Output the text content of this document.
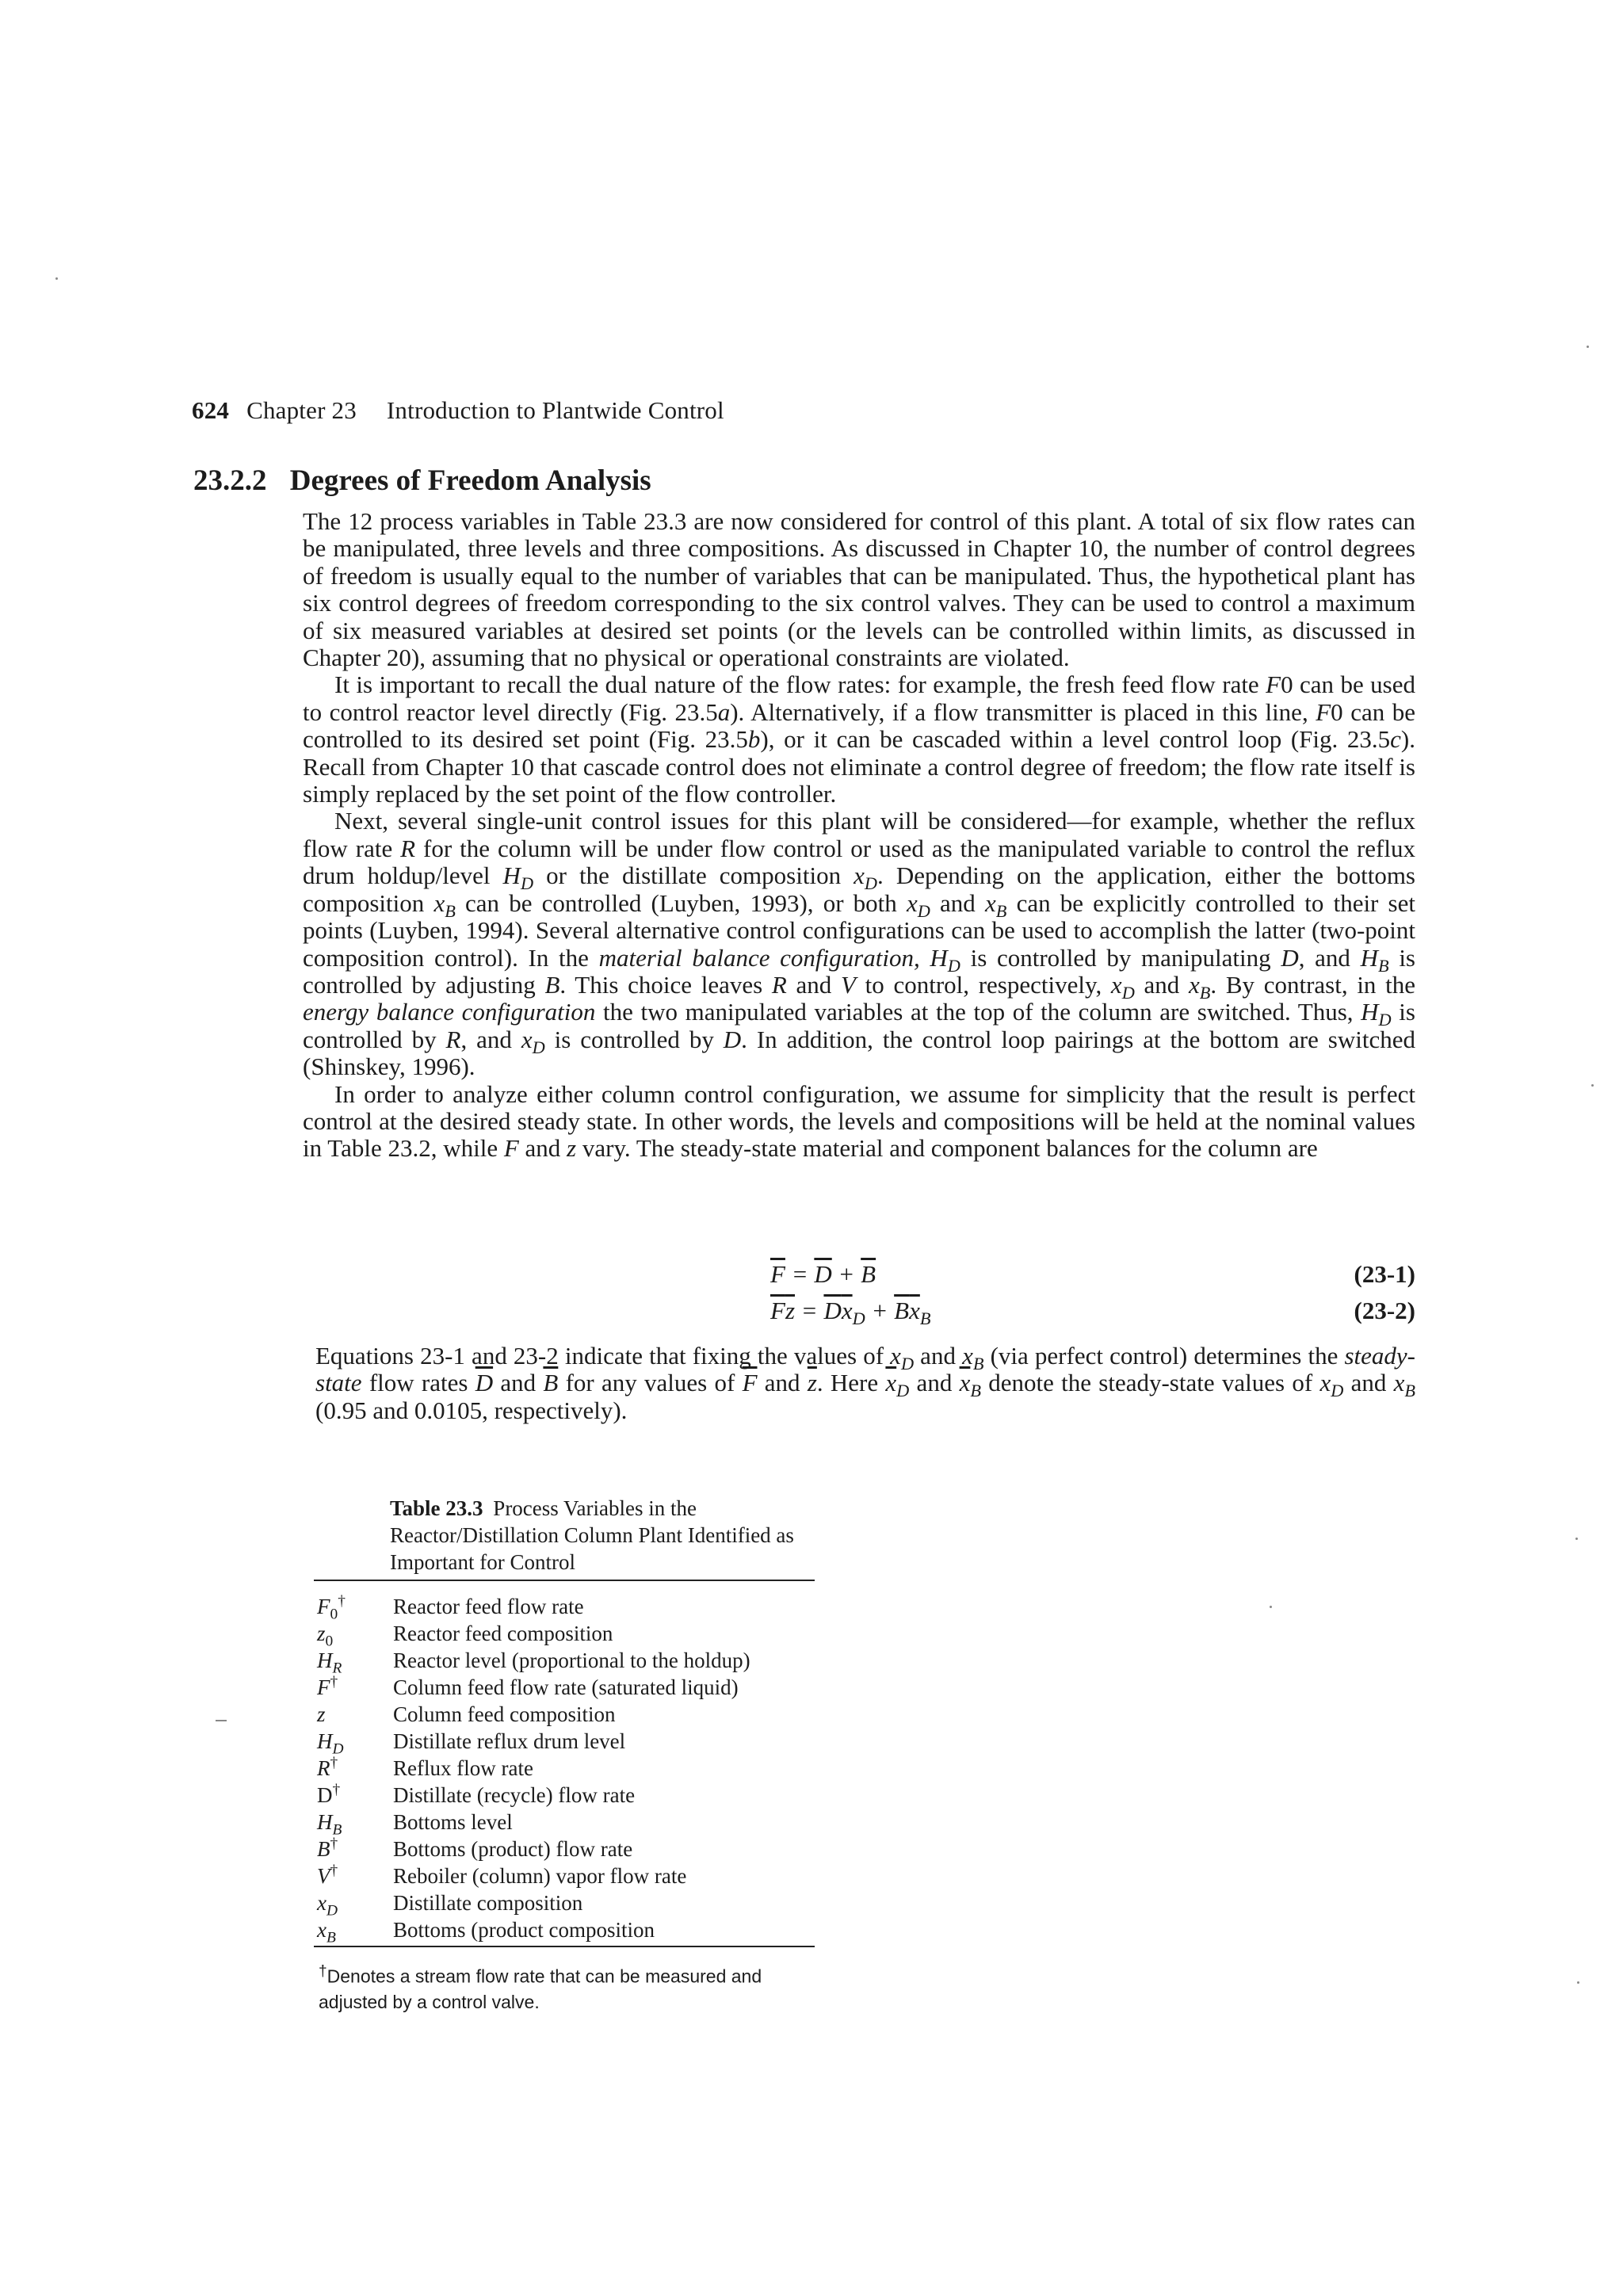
624 Chapter 23 Introduction to Plantwide Control
23.2.2 Degrees of Freedom Analysis

The 12 process variables in Table 23.3 are now considered for control of this plant. A total of six flow rates can be manipulated, three levels and three compositions. As discussed in Chapter 10, the number of control degrees of freedom is usually equal to the number of variables that can be manipulated. Thus, the hypothetical plant has six control degrees of freedom corresponding to the six control valves. They can be used to control a maximum of six measured variables at desired set points (or the levels can be controlled within limits, as discussed in Chapter 20), assuming that no physical or operational constraints are violated.

It is important to recall the dual nature of the flow rates: for example, the fresh feed flow rate F0 can be used to control reactor level directly (Fig. 23.5a). Alternatively, if a flow transmitter is placed in this line, F0 can be controlled to its desired set point (Fig. 23.5b), or it can be cascaded within a level control loop (Fig. 23.5c). Recall from Chapter 10 that cascade control does not eliminate a control degree of freedom; the flow rate itself is simply replaced by the set point of the flow controller.

Next, several single-unit control issues for this plant will be considered—for example, whether the reflux flow rate R for the column will be under flow control or used as the manipulated variable to control the reflux drum holdup/level $H_D$ or the distillate composition $x_D$. Depending on the application, either the bottoms composition $x_B$ can be controlled (Luyben, 1993), or both $x_D$ and $x_B$ can be explicitly controlled to their set points (Luyben, 1994). Several alternative control configurations can be used to accomplish the latter (two-point composition control). In the material balance configuration, $H_D$ is controlled by manipulating D, and $H_B$ is controlled by adjusting B. This choice leaves R and V to control, respectively, $x_D$ and $x_B$. By contrast, in the energy balance configuration the two manipulated variables at the top of the column are switched. Thus, $H_D$ is controlled by R, and $x_D$ is controlled by D. In addition, the control loop pairings at the bottom are switched (Shinskey, 1996).

In order to analyze either column control configuration, we assume for simplicity that the result is perfect control at the desired steady state. In other words, the levels and compositions will be held at the nominal values in Table 23.2, while F and z vary. The steady-state material and component balances for the column are

$\overline{F} = \overline{D} + \overline{B}$	(23-1)
$\overline{F}\overline{z} = \overline{D}\overline{x}_D + \overline{B}\overline{x}_B$	(23-2)

Equations 23-1 and 23-2 indicate that fixing the values of $x_D$ and $x_B$ (via perfect control) determines the steady-state flow rates $\overline{D}$ and $\overline{B}$ for any values of $\overline{F}$ and $\overline{z}$. Here $\overline{x}_D$ and $\overline{x}_B$ denote the steady-state values of $x_D$ and $x_B$ (0.95 and 0.0105, respectively).

Table 23.3 Process Variables in the Reactor/Distillation Column Plant Identified as Important for Control
$F_0^\dagger$ Reactor feed flow rate
$z_0$	Reactor feed composition
$H_R$ Reactor level (proportional to the holdup)
F†	Column feed flow rate (saturated liquid)
z	Column feed composition
$H_D$ Distillate reflux drum level
R†	Reflux flow rate
D† Distillate (recycle) flow rate
$H_B$ Bottoms level
B†	Bottoms (product) flow rate
V†	Reboiler (column) vapor flow rate
$x_D$	Distillate composition
$x_B$	Bottoms (product composition
†Denotes a stream flow rate that can be measured and adjusted by a control valve.
